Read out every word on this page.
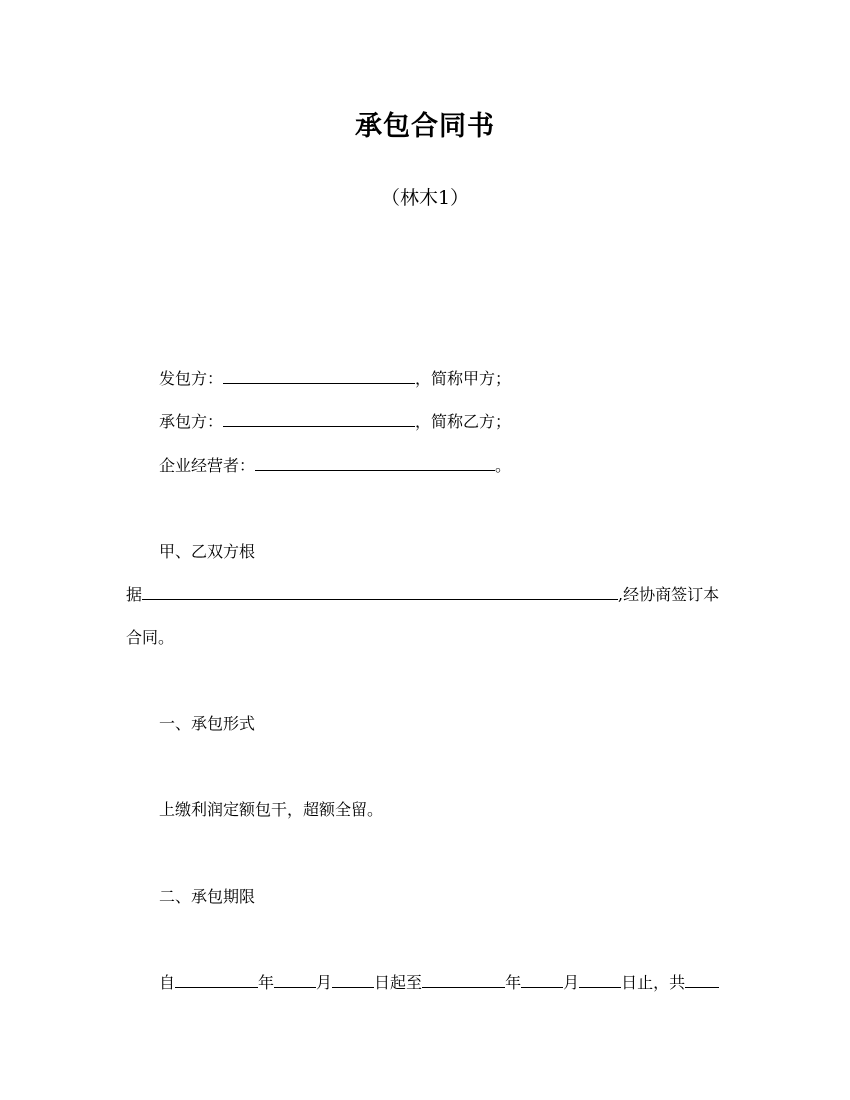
承包合同书
（林木1）
发包方：	，简称甲方；
承包方：	，简称乙方；
企业经营者：	。
甲、乙双方根
据	,经协商签订本
合同。
一、承包形式
上缴利润定额包干，超额全留。
二、承包期限
自	年	月	日起至	年	月	日止，共
